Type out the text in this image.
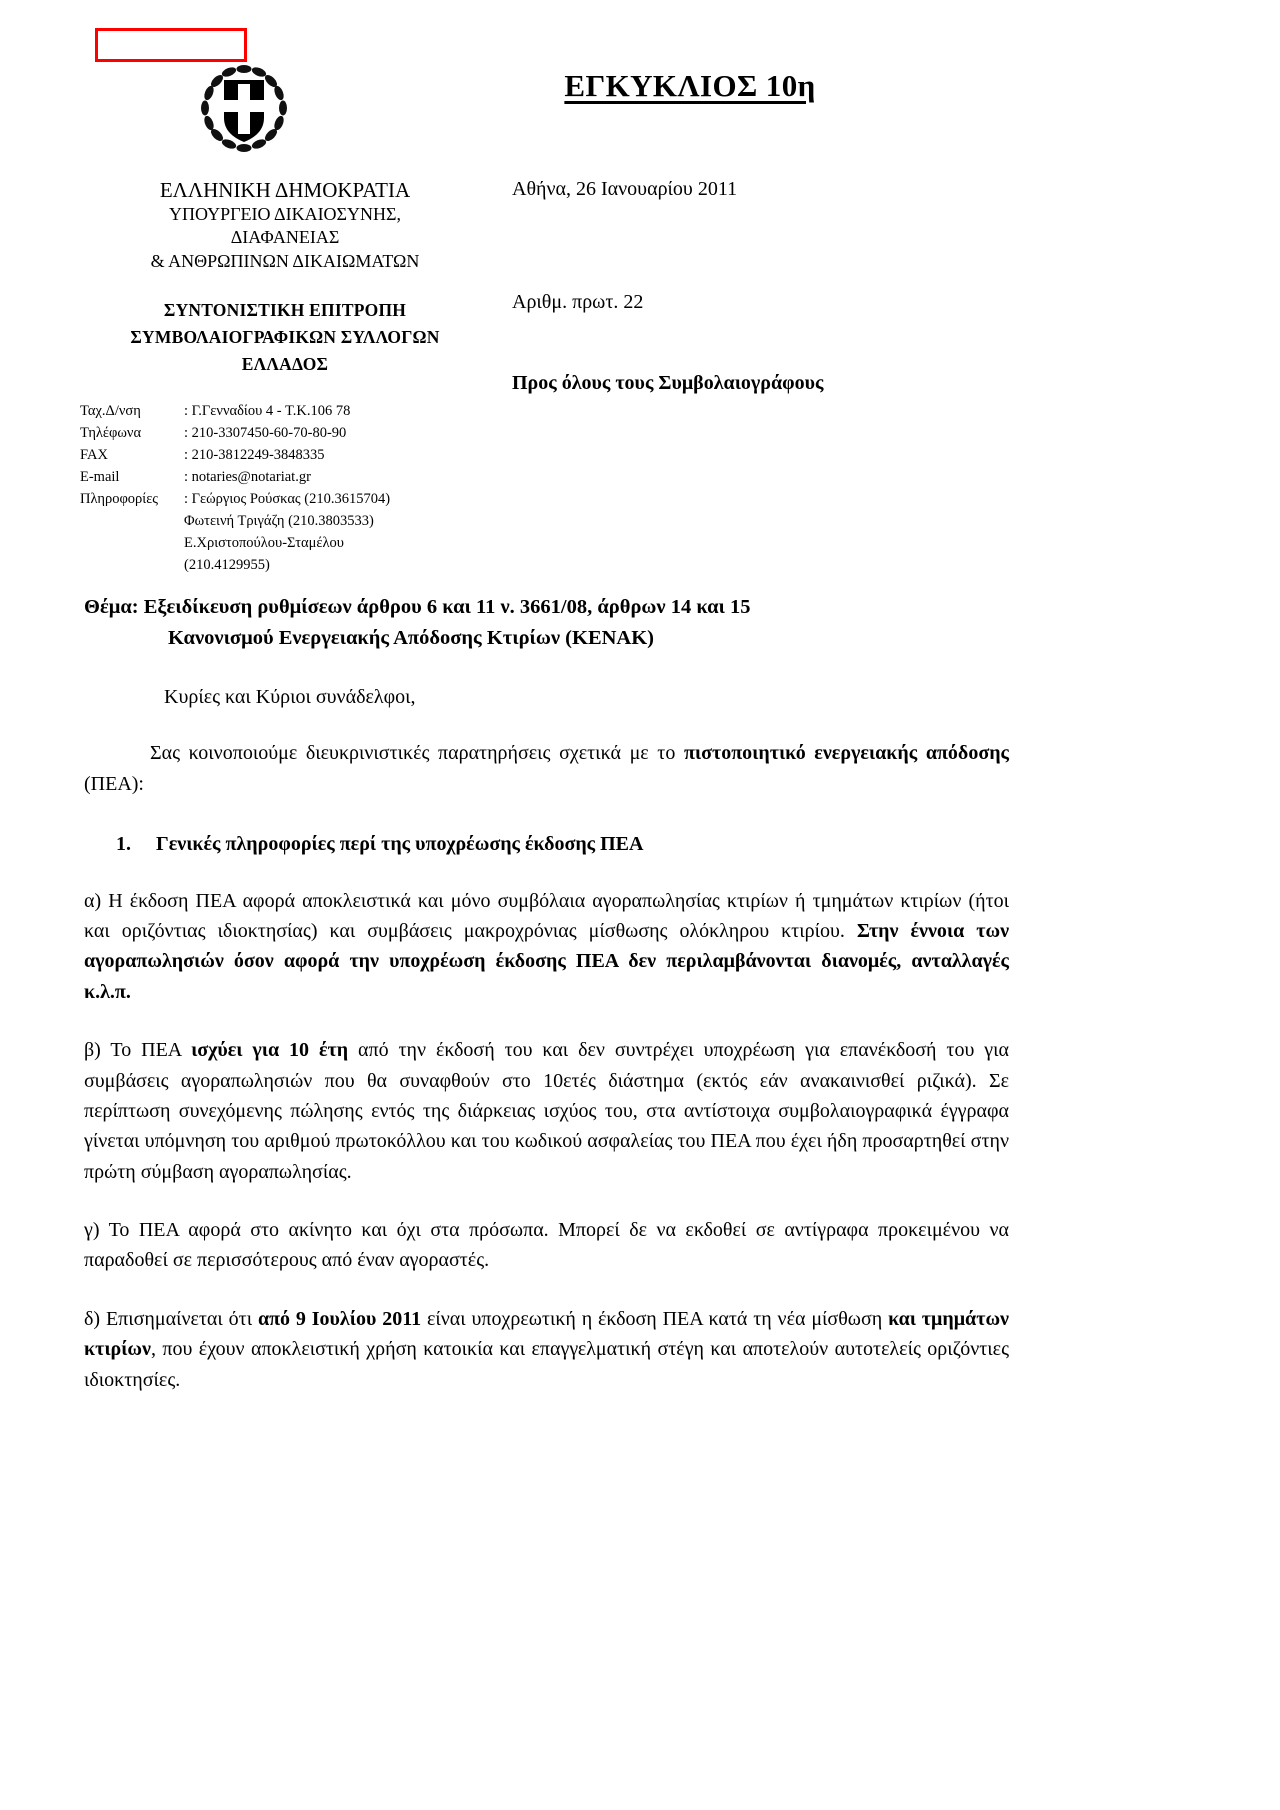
ΕΓΚΥΚΛΙΟΣ 10η
ΕΛΛΗΝΙΚΗ ΔΗΜΟΚΡΑΤΙΑ
ΥΠΟΥΡΓΕΙΟ ΔΙΚΑΙΟΣΥΝΗΣ,
ΔΙΑΦΑΝΕΙΑΣ
& ΑΝΘΡΩΠΙΝΩΝ ΔΙΚΑΙΩΜΑΤΩΝ
ΣΥΝΤΟΝΙΣΤΙΚΗ ΕΠΙΤΡΟΠΗ
ΣΥΜΒΟΛΑΙΟΓΡΑΦΙΚΩΝ ΣΥΛΛΟΓΩΝ
ΕΛΛΑΔΟΣ
Ταχ.Δ/νση	: Γ.Γενναδίου 4 - Τ.Κ.106 78
Τηλέφωνα	: 210-3307450-60-70-80-90
FAX	: 210-3812249-3848335
E-mail	: notaries@notariat.gr
Πληροφορίες : Γεώργιος Ρούσκας (210.3615704)
Φωτεινή Τριγάζη (210.3803533)
Ε.Χριστοπούλου-Σταμέλου
(210.4129955)
Αθήνα, 26 Ιανουαρίου 2011
Αριθμ. πρωτ. 22
Προς όλους τους Συμβολαιογράφους
Θέμα: Εξειδίκευση ρυθμίσεων άρθρου 6 και 11 ν. 3661/08, άρθρων 14 και 15
Κανονισμού Ενεργειακής Απόδοσης Κτιρίων (ΚΕΝΑΚ)
Κυρίες και Κύριοι συνάδελφοι,
Σας κοινοποιούμε διευκρινιστικές παρατηρήσεις σχετικά με το πιστοποιητικό ενεργειακής απόδοσης (ΠΕΑ):
1. Γενικές πληροφορίες περί της υποχρέωσης έκδοσης ΠΕΑ

α) Η έκδοση ΠΕΑ αφορά αποκλειστικά και μόνο συμβόλαια αγοραπωλησίας κτιρίων ή τμημάτων κτιρίων (ήτοι και οριζόντιας ιδιοκτησίας) και συμβάσεις μακροχρόνιας μίσθωσης ολόκληρου κτιρίου. Στην έννοια των αγοραπωλησιών όσον αφορά την υποχρέωση έκδοσης ΠΕΑ δεν περιλαμβάνονται διανομές, ανταλλαγές κ.λ.π.

β) Το ΠΕΑ ισχύει για 10 έτη από την έκδοσή του και δεν συντρέχει υποχρέωση για επανέκδοσή του για συμβάσεις αγοραπωλησιών που θα συναφθούν στο 10ετές διάστημα (εκτός εάν ανακαινισθεί ριζικά). Σε περίπτωση συνεχόμενης πώλησης εντός της διάρκειας ισχύος του, στα αντίστοιχα συμβολαιογραφικά έγγραφα γίνεται υπόμνηση του αριθμού πρωτοκόλλου και του κωδικού ασφαλείας του ΠΕΑ που έχει ήδη προσαρτηθεί στην πρώτη σύμβαση αγοραπωλησίας.

γ) Το ΠΕΑ αφορά στο ακίνητο και όχι στα πρόσωπα. Μπορεί δε να εκδοθεί σε αντίγραφα προκειμένου να παραδοθεί σε περισσότερους από έναν αγοραστές.

δ) Επισημαίνεται ότι από 9 Ιουλίου 2011 είναι υποχρεωτική η έκδοση ΠΕΑ κατά τη νέα μίσθωση και τμημάτων κτιρίων, που έχουν αποκλειστική χρήση κατοικία και επαγγελματική στέγη και αποτελούν αυτοτελείς οριζόντιες ιδιοκτησίες.
